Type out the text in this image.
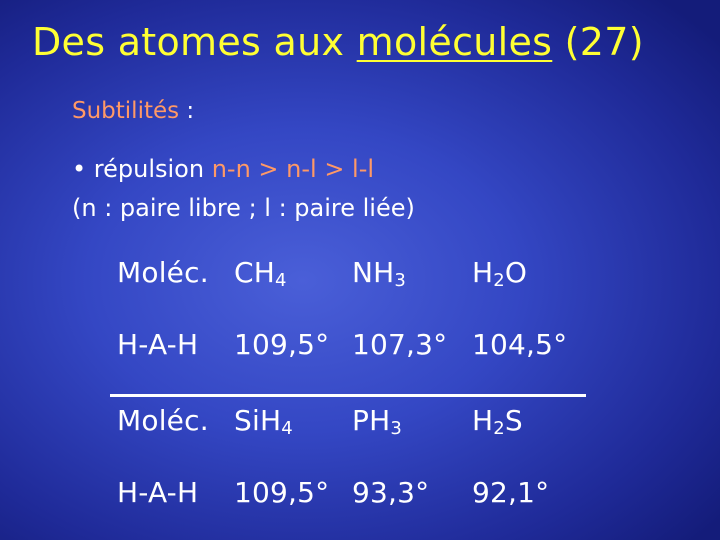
Des atomes aux molécules (27)
Subtilités :
• répulsion n-n > n-l > l-l
(n : paire libre ; l : paire liée)
Moléc. $CH_4$ $NH_3$ $H_2O$
H-A-H 109,5° 107,3° 104,5°
Moléc. SiH$_4$ $PH_3$	$H_2S$
H-A-H 109,5° 93,3° 92,1°
